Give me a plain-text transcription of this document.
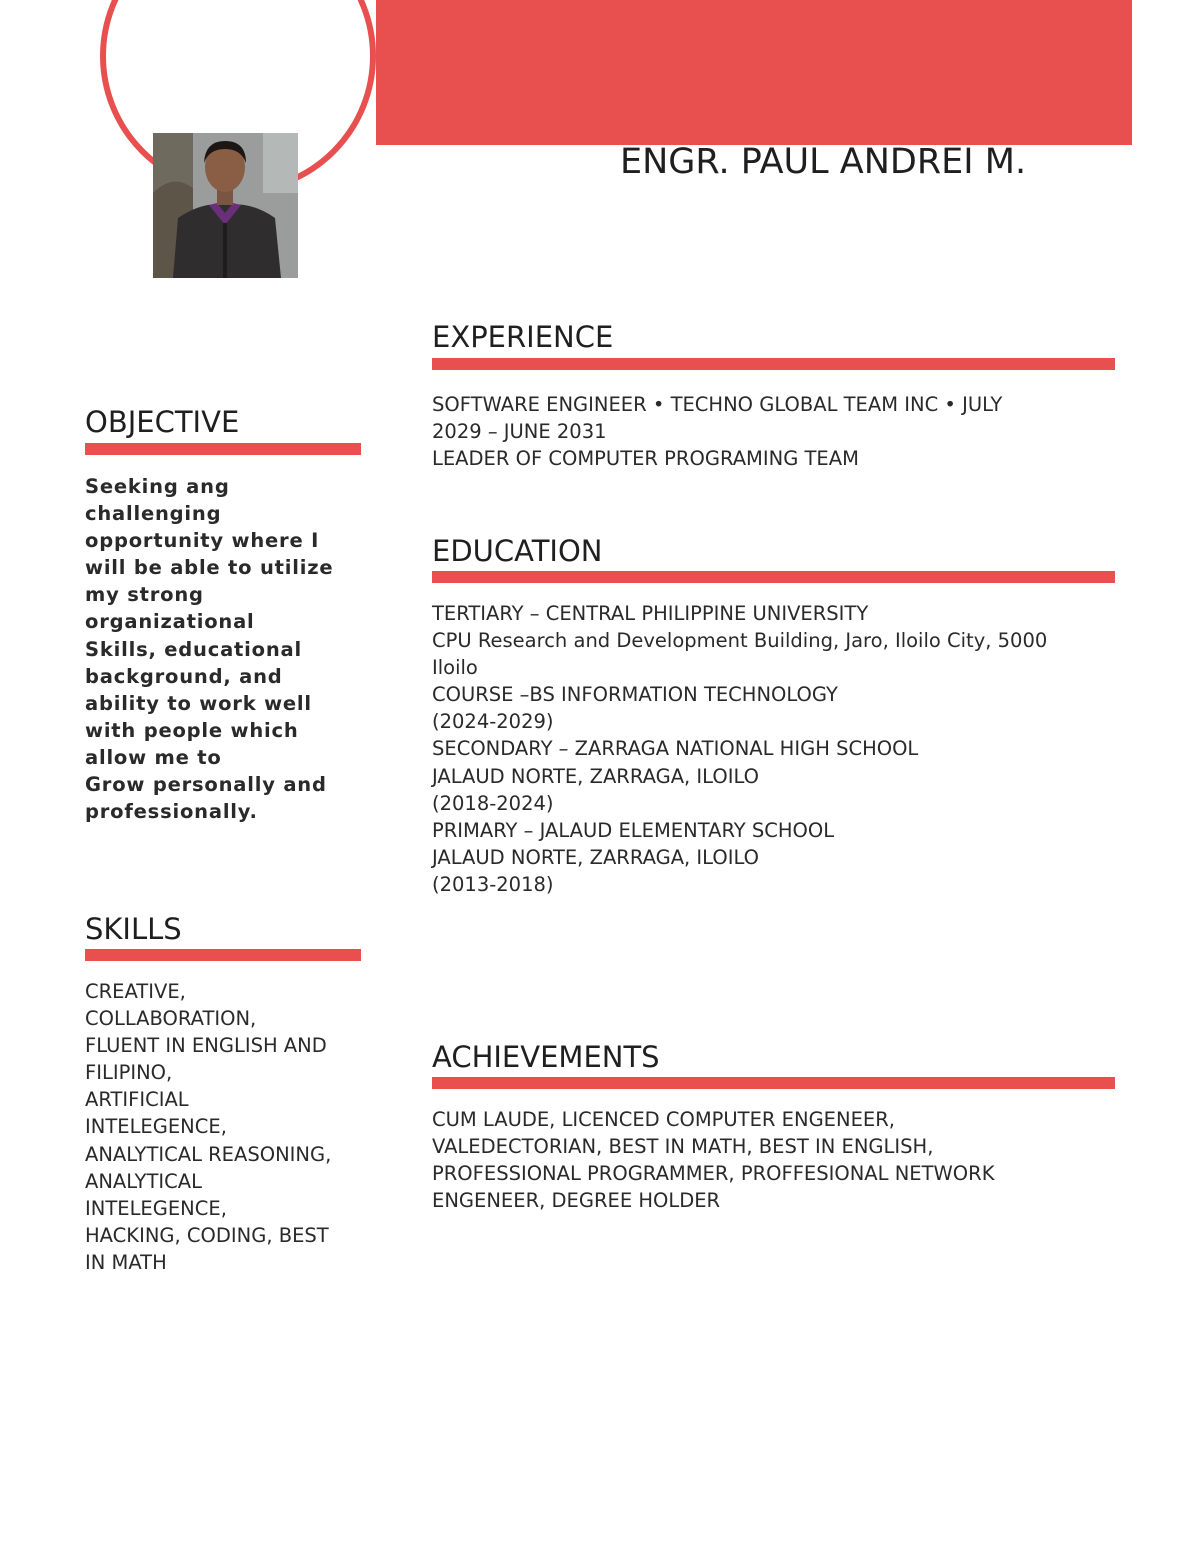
ENGR. PAUL ANDREI M.
OBJECTIVE
Seeking ang
challenging
opportunity where I
will be able to utilize
my strong
organizational
Skills, educational
background, and
ability to work well
with people which
allow me to
Grow personally and
professionally.
SKILLS
CREATIVE,
COLLABORATION,
FLUENT IN ENGLISH AND
FILIPINO,
ARTIFICIAL
INTELEGENCE,
ANALYTICAL REASONING,
ANALYTICAL
INTELEGENCE,
HACKING, CODING, BEST
IN MATH
EXPERIENCE
SOFTWARE ENGINEER • TECHNO GLOBAL TEAM INC • JULY
2029 – JUNE 2031
LEADER OF COMPUTER PROGRAMING TEAM
EDUCATION
TERTIARY – CENTRAL PHILIPPINE UNIVERSITY
CPU Research and Development Building, Jaro, Iloilo City, 5000
Iloilo
COURSE –BS INFORMATION TECHNOLOGY
(2024-2029)
SECONDARY – ZARRAGA NATIONAL HIGH SCHOOL
JALAUD NORTE, ZARRAGA, ILOILO
(2018-2024)
PRIMARY – JALAUD ELEMENTARY SCHOOL
JALAUD NORTE, ZARRAGA, ILOILO
(2013-2018)
ACHIEVEMENTS
CUM LAUDE, LICENCED COMPUTER ENGENEER,
VALEDECTORIAN, BEST IN MATH, BEST IN ENGLISH,
PROFESSIONAL PROGRAMMER, PROFFESIONAL NETWORK
ENGENEER, DEGREE HOLDER
